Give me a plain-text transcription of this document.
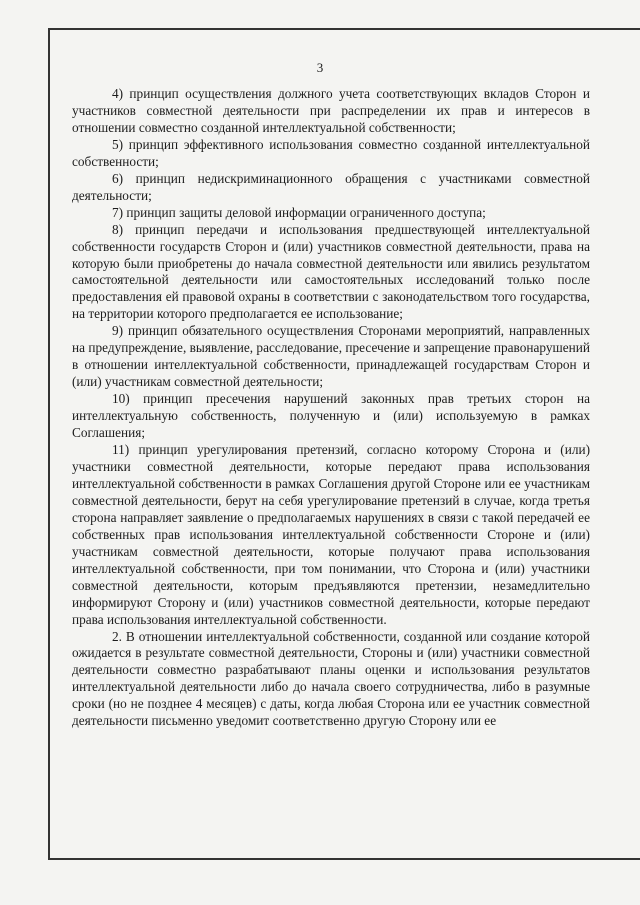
3

4) принцип осуществления должного учета соответствующих вкладов Сторон и участников совместной деятельности при распределении их прав и интересов в отношении совместно созданной интеллектуальной собственности;

5) принцип эффективного использования совместно созданной интеллектуальной собственности;

6) принцип недискриминационного обращения с участниками совместной деятельности;

7) принцип защиты деловой информации ограниченного доступа;

8) принцип передачи и использования предшествующей интеллектуальной собственности государств Сторон и (или) участников совместной деятельности, права на которую были приобретены до начала совместной деятельности или явились результатом самостоятельной деятельности или самостоятельных исследований только после предоставления ей правовой охраны в соответствии с законодательством того государства, на территории которого предполагается ее использование;

9) принцип обязательного осуществления Сторонами мероприятий, направленных на предупреждение, выявление, расследование, пресечение и запрещение правонарушений в отношении интеллектуальной собственности, принадлежащей государствам Сторон и (или) участникам совместной деятельности;

10) принцип пресечения нарушений законных прав третьих сторон на интеллектуальную собственность, полученную и (или) используемую в рамках Соглашения;

11) принцип урегулирования претензий, согласно которому Сторона и (или) участники совместной деятельности, которые передают права использования интеллектуальной собственности в рамках Соглашения другой Стороне или ее участникам совместной деятельности, берут на себя урегулирование претензий в случае, когда третья сторона направляет заявление о предполагаемых нарушениях в связи с такой передачей ее собственных прав использования интеллектуальной собственности Стороне и (или) участникам совместной деятельности, которые получают права использования интеллектуальной собственности, при том понимании, что Сторона и (или) участники совместной деятельности, которым предъявляются претензии, незамедлительно информируют Сторону и (или) участников совместной деятельности, которые передают права использования интеллектуальной собственности.

2. В отношении интеллектуальной собственности, созданной или создание которой ожидается в результате совместной деятельности, Стороны и (или) участники совместной деятельности совместно разрабатывают планы оценки и использования результатов интеллектуальной деятельности либо до начала своего сотрудничества, либо в разумные сроки (но не позднее 4 месяцев) с даты, когда любая Сторона или ее участник совместной деятельности письменно уведомит соответственно другую Сторону или ее
